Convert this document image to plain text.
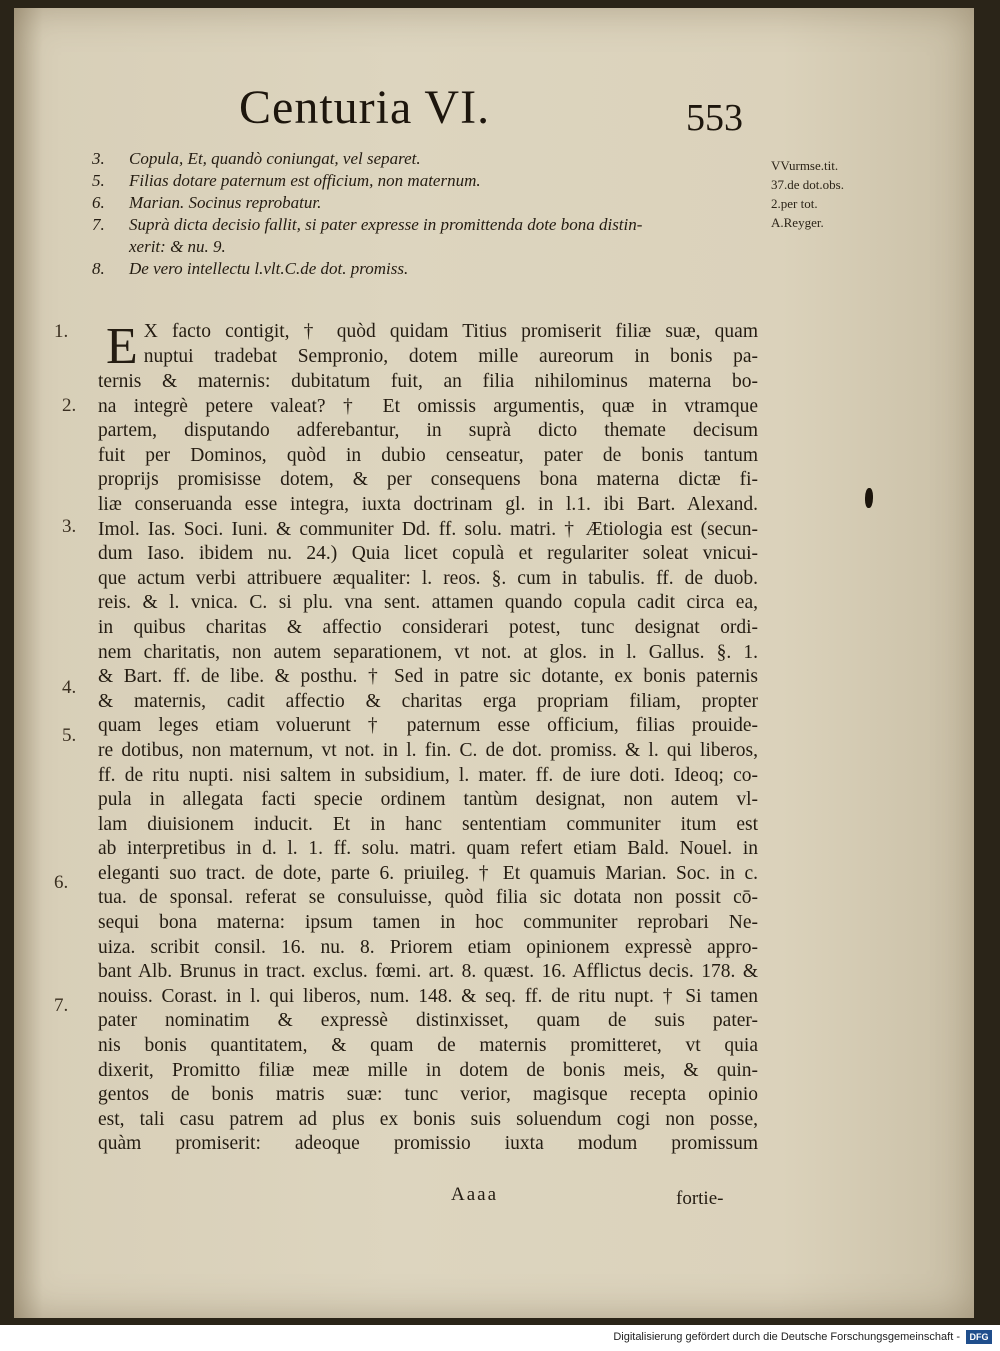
Centuria VI.	553
3.	Copula, Et, quandò coniungat, vel separet.
5.	Filias dotare paternum est officium, non maternum.
6.	Marian. Socinus reprobatur.
7.	Suprà dicta decisio fallit, si pater expresse in promittenda dote bona distin-
xerit: & nu. 9.
8.	De vero intellectu l.vlt.C.de dot. promiss.
VVurmse.tit.
37.de dot.obs.
2.per tot.
A.Reyger.
1.
2.
3.
4.
5.
6.
7.
E X facto contigit, † quòd quidam Titius promiserit filiæ suæ, quam
nuptui tradebat Sempronio, dotem mille aureorum in bonis pa-
ternis & maternis: dubitatum fuit, an filia nihilominus materna bo-
na integrè petere valeat? † Et omissis argumentis, quæ in vtramque
partem, disputando adferebantur, in suprà dicto themate decisum
fuit per Dominos, quòd in dubio censeatur, pater de bonis tantum
proprijs promisisse dotem, & per consequens bona materna dictæ fi-
liæ conseruanda esse integra, iuxta doctrinam gl. in l.1. ibi Bart. Alexand.
Imol. Ias. Soci. Iuni. & communiter Dd. ff. solu. matri. † Ætiologia est (secun-
dum Iaso. ibidem nu. 24.) Quia licet copulà et regulariter soleat vnicui-
que actum verbi attribuere æqualiter: l. reos. §. cum in tabulis. ff. de duob.
reis. & l. vnica. C. si plu. vna sent. attamen quando copula cadit circa ea,
in quibus charitas & affectio considerari potest, tunc designat ordi-
nem charitatis, non autem separationem, vt not. at glos. in l. Gallus. §. 1.
& Bart. ff. de libe. & posthu. † Sed in patre sic dotante, ex bonis paternis
& maternis, cadit affectio & charitas erga propriam filiam, propter
quam leges etiam voluerunt † paternum esse officium, filias prouide-
re dotibus, non maternum, vt not. in l. fin. C. de dot. promiss. & l. qui liberos,
ff. de ritu nupti. nisi saltem in subsidium, l. mater. ff. de iure doti. Ideoq; co-
pula in allegata facti specie ordinem tantùm designat, non autem vl-
lam diuisionem inducit. Et in hanc sententiam communiter itum est
ab interpretibus in d. l. 1. ff. solu. matri. quam refert etiam Bald. Nouel. in
eleganti suo tract. de dote, parte 6. priuileg. † Et quamuis Marian. Soc. in c.
tua. de sponsal. referat se consuluisse, quòd filia sic dotata non possit cō-
sequi bona materna: ipsum tamen in hoc communiter reprobari Ne-
uiza. scribit consil. 16. nu. 8. Priorem etiam opinionem expressè appro-
bant Alb. Brunus in tract. exclus. fœmi. art. 8. quæst. 16. Afflictus decis. 178. &
nouiss. Corast. in l. qui liberos, num. 148. & seq. ff. de ritu nupt. † Si tamen
pater nominatim & expressè distinxisset, quam de suis pater-
nis bonis quantitatem, & quam de maternis promitteret, vt quia
dixerit, Promitto filiæ meæ mille in dotem de bonis meis, & quin-
gentos de bonis matris suæ: tunc verior, magisque recepta opinio
est, tali casu patrem ad plus ex bonis suis soluendum cogi non posse,
quàm promiserit: adeoque promissio iuxta modum promissum
Aaaa	fortie-
Digitalisierung gefördert durch die Deutsche Forschungsgemeinschaft -	DFG
